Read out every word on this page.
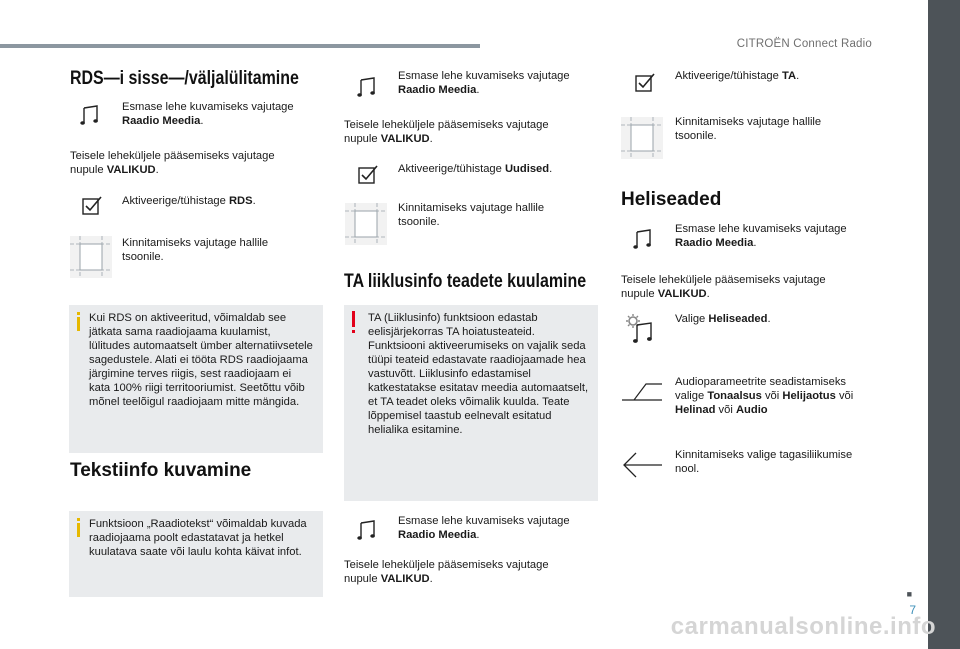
CITROËN Connect Radio
■
7
RDS—i sisse—/väljalülitamine
Esmase lehe kuvamiseks vajutage Raadio Meedia.
Teisele leheküljele pääsemiseks vajutage nupule VALIKUD.
Aktiveerige/tühistage RDS.
Kinnitamiseks vajutage hallile tsoonile.
Kui RDS on aktiveeritud, võimaldab see jätkata sama raadiojaama kuulamist, lülitudes automaatselt ümber alternatiivsetele sagedustele. Alati ei tööta RDS raadiojaama järgimine terves riigis, sest raadiojaam ei kata 100% riigi territooriumist. Seetõttu võib mõnel teelõigul raadiojaam mitte mängida.
Tekstiinfo kuvamine
Funktsioon „Raadiotekst“ võimaldab kuvada raadiojaama poolt edastatavat ja hetkel kuulatava saate või laulu kohta käivat infot.
Esmase lehe kuvamiseks vajutage Raadio Meedia.
Teisele leheküljele pääsemiseks vajutage nupule VALIKUD.
Aktiveerige/tühistage Uudised.
Kinnitamiseks vajutage hallile tsoonile.
TA liiklusinfo teadete kuulamine
TA (Liiklusinfo) funktsioon edastab eelisjärjekorras TA hoiatusteateid. Funktsiooni aktiveerumiseks on vajalik seda tüüpi teateid edastavate raadiojaamade hea vastuvõtt. Liiklusinfo edastamisel katkestatakse esitatav meedia automaatselt, et TA teadet oleks võimalik kuulda. Teate lõppemisel taastub eelnevalt esitatud helialika esitamine.
Esmase lehe kuvamiseks vajutage Raadio Meedia.
Teisele leheküljele pääsemiseks vajutage nupule VALIKUD.
Aktiveerige/tühistage TA.
Kinnitamiseks vajutage hallile tsoonile.
Heliseaded
Esmase lehe kuvamiseks vajutage Raadio Meedia.
Teisele leheküljele pääsemiseks vajutage nupule VALIKUD.
Valige Heliseaded.
Audioparameetrite seadistamiseks valige Tonaalsus või Helijaotus või Helinad või Audio
Kinnitamiseks valige tagasiliikumise nool.
carmanualsonline.info
